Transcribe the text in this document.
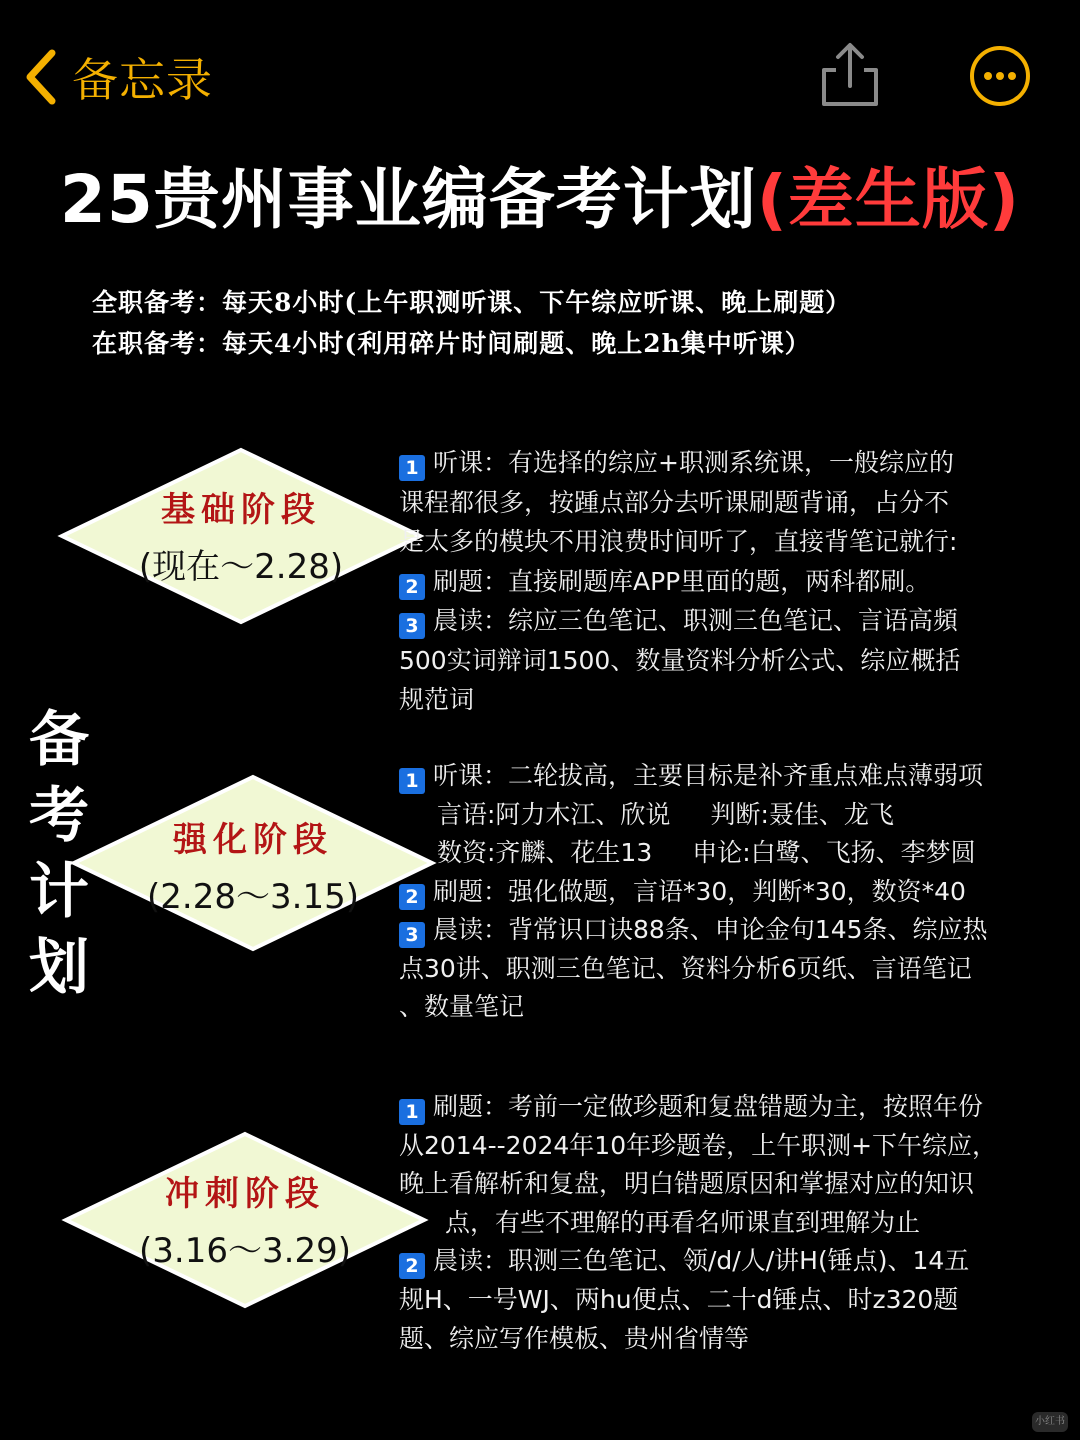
备忘录
25贵州事业编备考计划(差生版)
全职备考：每天8小时(上午职测听课、下午综应听课、晚上刷题）
在职备考：每天4小时(利用碎片时间刷题、晚上2h集中听课）
备
考
计
划
基础阶段
(现在～2.28)
强化阶段
(2.28～3.15)
冲刺阶段
(3.16～3.29)
1 听课：有选择的综应+职测系统课，一般综应的
课程都很多，按踵点部分去听课刷题背诵，占分不
是太多的模块不用浪费时间听了，直接背笔记就行:
2 刷题：直接刷题库APP里面的题，两科都刷。
3 晨读：综应三色笔记、职测三色笔记、言语高頻
500实词辩词1500、数量资料分析公式、综应概括
规范词
1 听课：二轮拔高，主要目标是补齐重点难点薄弱项
言语:阿力木江、欣说 判断:聂佳、龙飞
数资:齐麟、花生13 申论:白鹭、飞扬、李梦圆
2 刷题：强化做题，言语*30，判断*30，数资*40
3 晨读：背常识口诀88条、申论金句145条、综应热
点30讲、职测三色笔记、资料分析6页纸、言语笔记
、数量笔记
1 刷题：考前一定做珍题和复盘错题为主，按照年份
从2014--2024年10年珍题卷，上午职测+下午综应，
晚上看解析和复盘，明白错题原因和掌握对应的知识
点，有些不理解的再看名师课直到理解为止
2 晨读：职测三色笔记、领/d/人/讲H(锤点)、14五
规H、一号WJ、两hu便点、二十d锤点、时z320题
题、综应写作模板、贵州省情等
小红书
